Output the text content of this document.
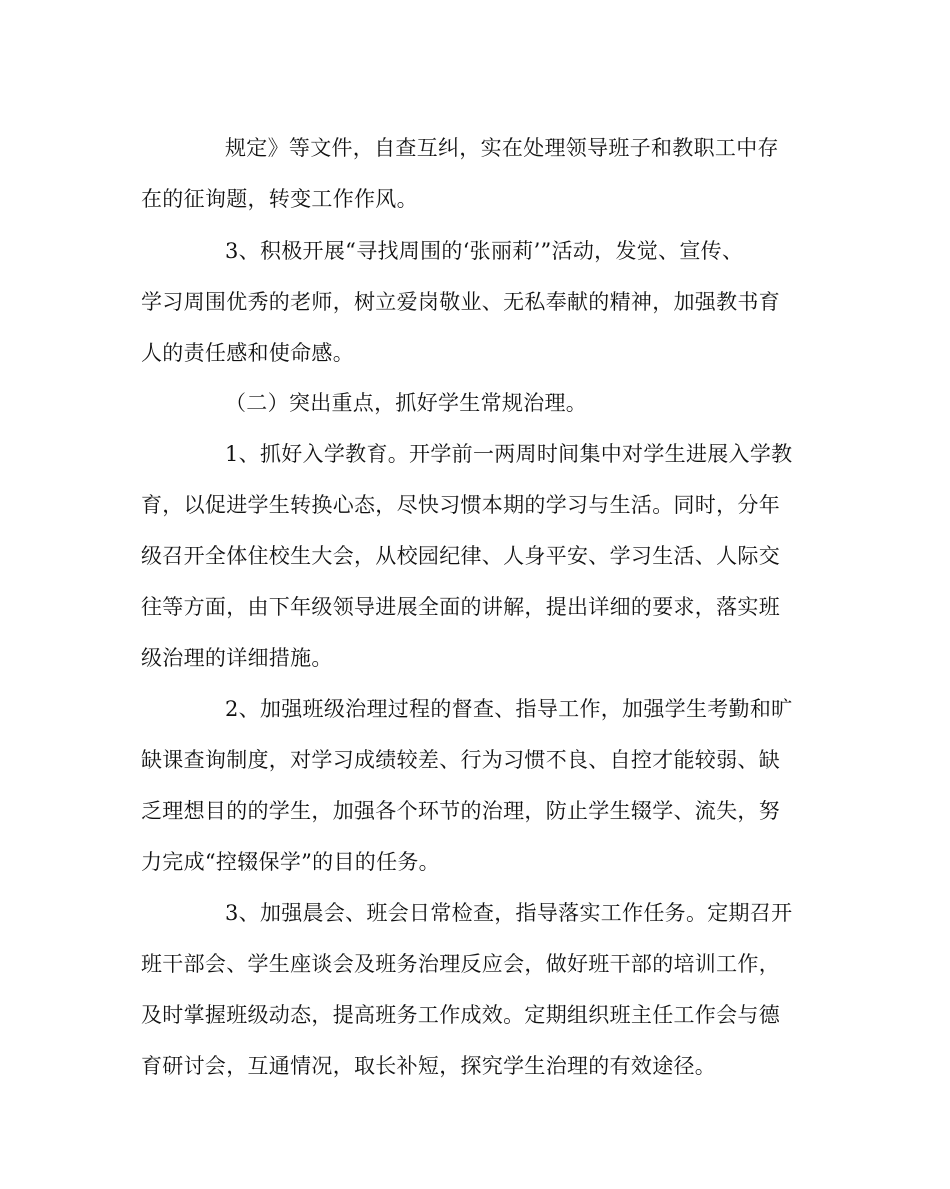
规定》等文件，自查互纠，实在处理领导班子和教职工中存
在的征询题，转变工作作风。
3、积极开展“寻找周围的‘张丽莉’”活动，发觉、宣传、
学习周围优秀的老师，树立爱岗敬业、无私奉献的精神，加强教书育
人的责任感和使命感。
（二）突出重点，抓好学生常规治理。
1、抓好入学教育。开学前一两周时间集中对学生进展入学教
育，以促进学生转换心态，尽快习惯本期的学习与生活。同时，分年
级召开全体住校生大会，从校园纪律、人身平安、学习生活、人际交
往等方面，由下年级领导进展全面的讲解，提出详细的要求，落实班
级治理的详细措施。
2、加强班级治理过程的督查、指导工作，加强学生考勤和旷
缺课查询制度，对学习成绩较差、行为习惯不良、自控才能较弱、缺
乏理想目的的学生，加强各个环节的治理，防止学生辍学、流失，努
力完成“控辍保学”的目的任务。
3、加强晨会、班会日常检查，指导落实工作任务。定期召开
班干部会、学生座谈会及班务治理反应会，做好班干部的培训工作，
及时掌握班级动态，提高班务工作成效。定期组织班主任工作会与德
育研讨会，互通情况，取长补短，探究学生治理的有效途径。
